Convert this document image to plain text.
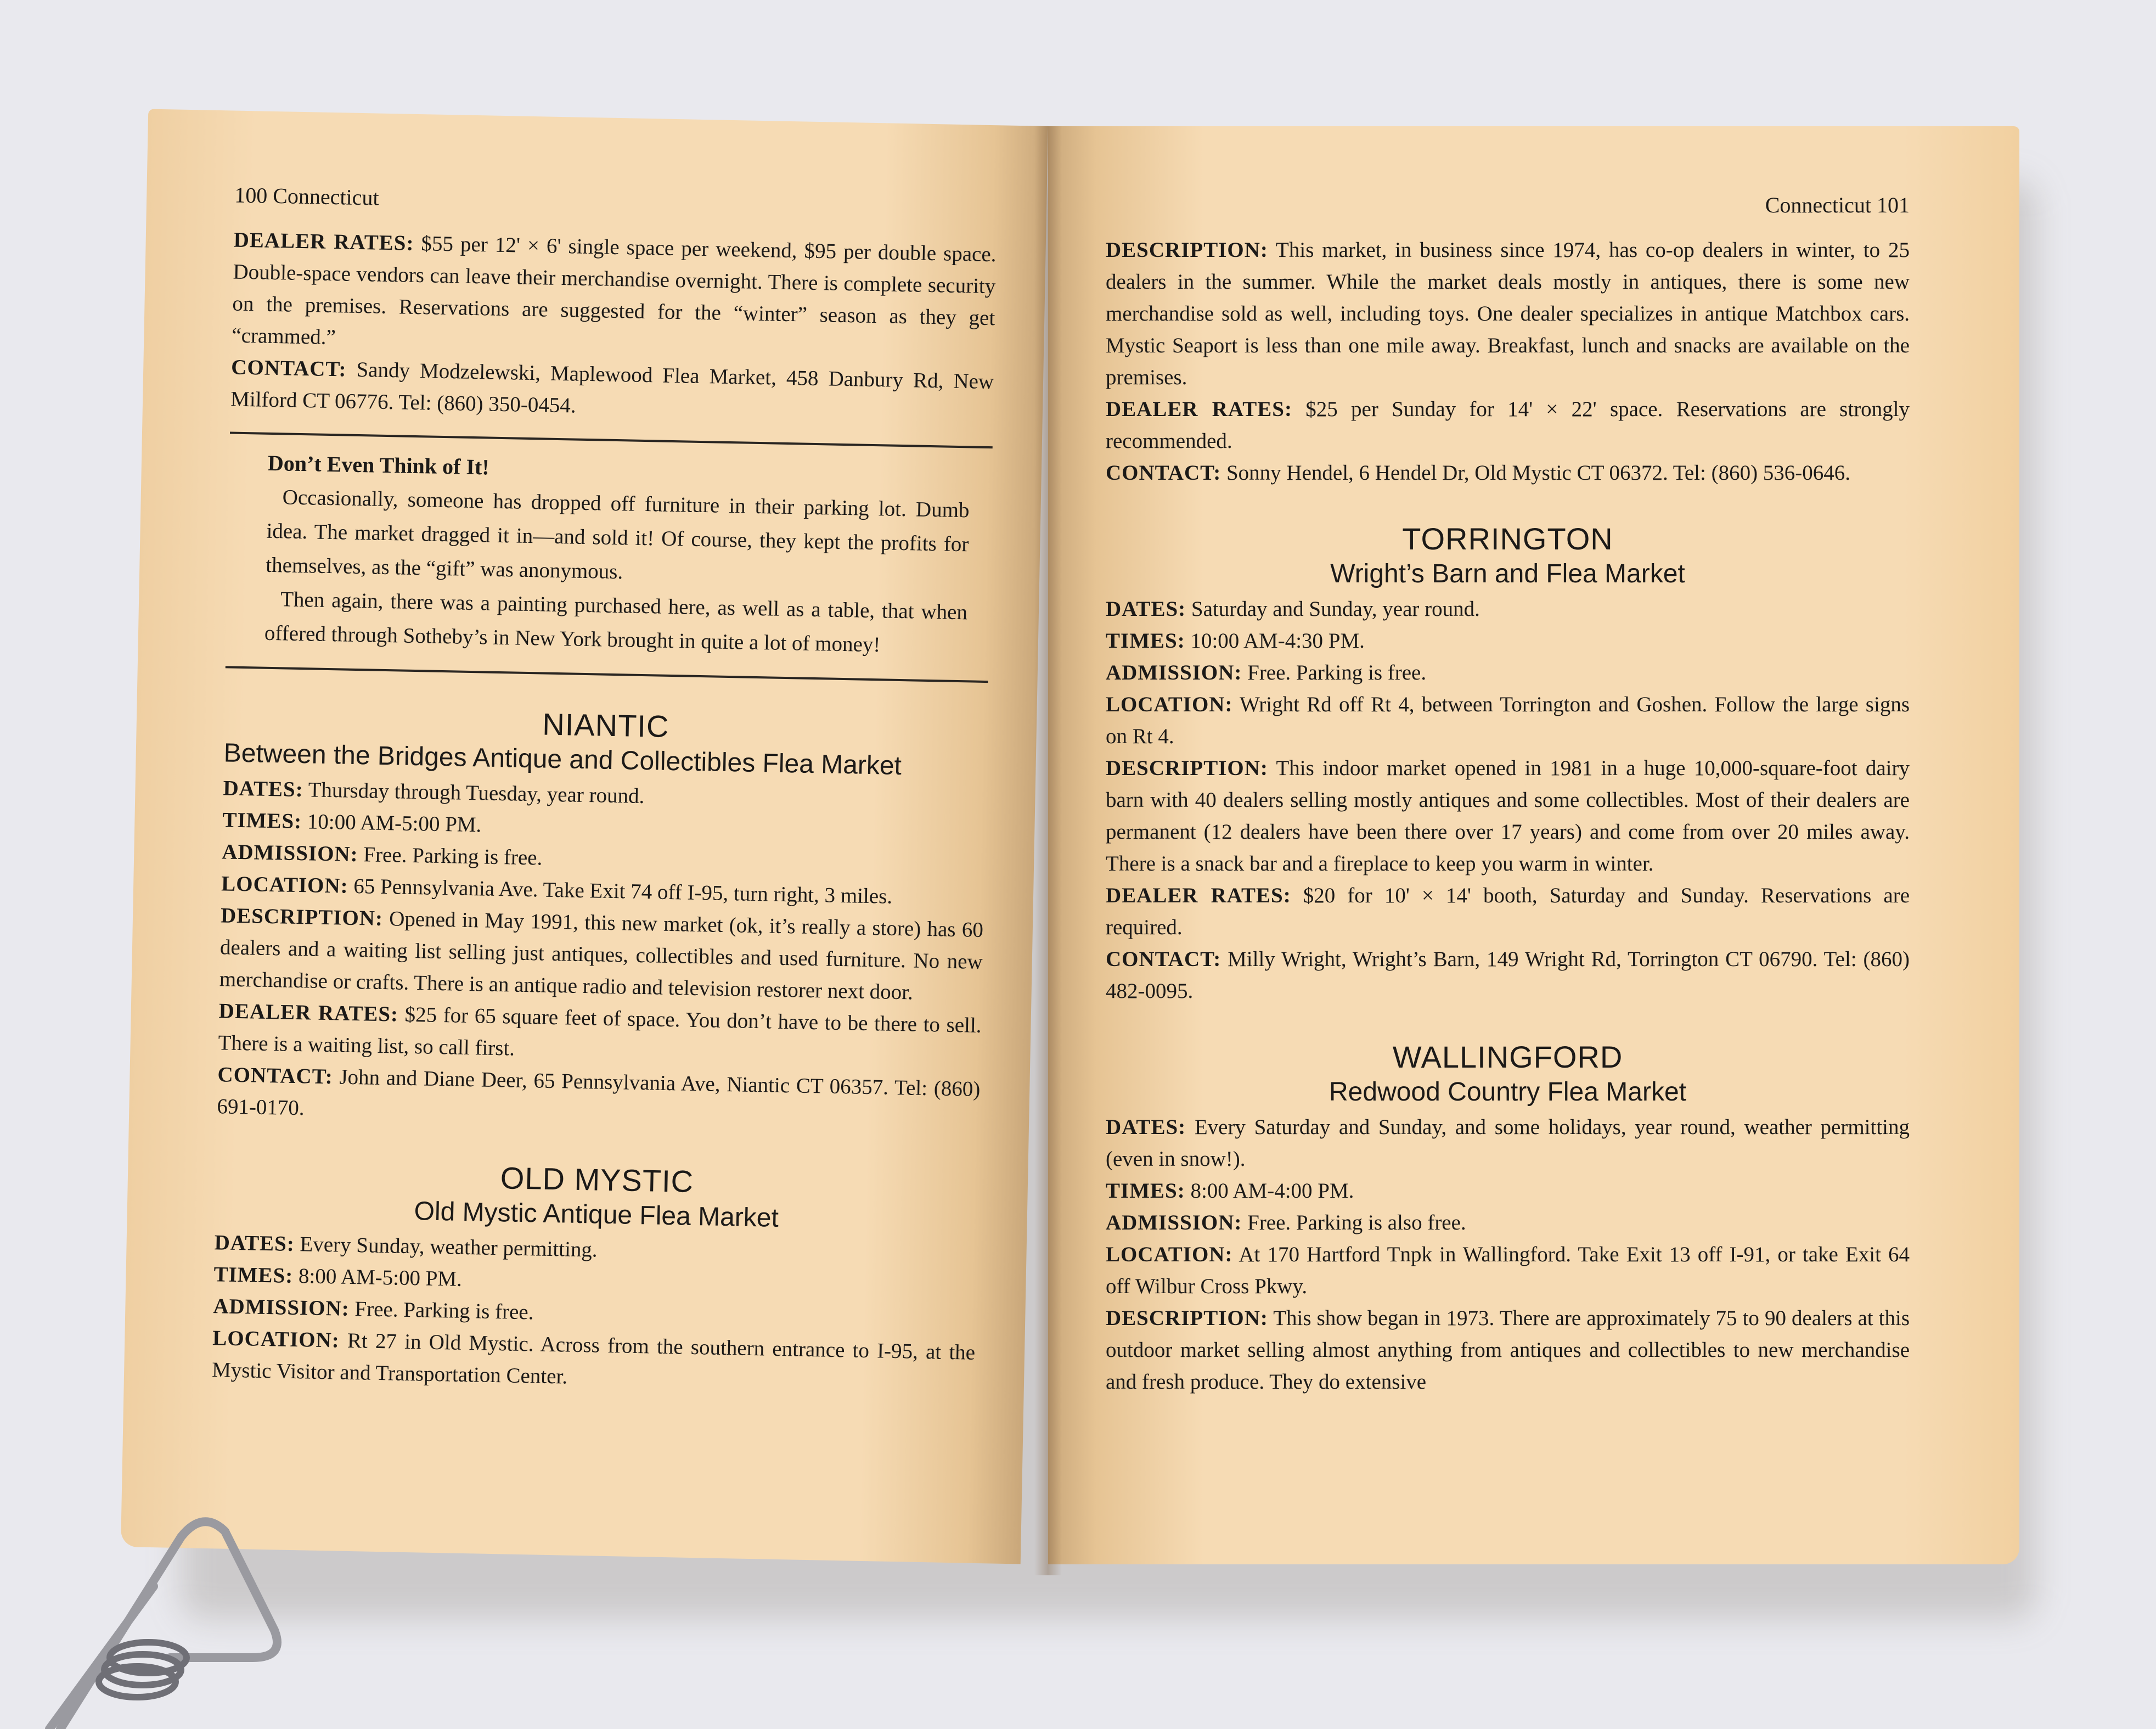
100 Connecticut

DEALER RATES: $55 per 12' × 6' single space per weekend, $95 per double space. Double-space vendors can leave their merchandise overnight. There is complete security on the premises. Reservations are suggested for the “winter” season as they get “crammed.”

CONTACT: Sandy Modzelewski, Maplewood Flea Market, 458 Danbury Rd, New Milford CT 06776. Tel: (860) 350-0454.

Don’t Even Think of It!

Occasionally, someone has dropped off furniture in their parking lot. Dumb idea. The market dragged it in—and sold it! Of course, they kept the profits for themselves, as the “gift” was anonymous.

Then again, there was a painting purchased here, as well as a table, that when offered through Sotheby’s in New York brought in quite a lot of money!

NIANTIC
Between the Bridges Antique and Collectibles Flea Market

DATES: Thursday through Tuesday, year round.

TIMES: 10:00 AM-5:00 PM.

ADMISSION: Free. Parking is free.

LOCATION: 65 Pennsylvania Ave. Take Exit 74 off I-95, turn right, 3 miles.

DESCRIPTION: Opened in May 1991, this new market (ok, it’s really a store) has 60 dealers and a waiting list selling just antiques, collectibles and used furniture. No new merchandise or crafts. There is an antique radio and television restorer next door.

DEALER RATES: $25 for 65 square feet of space. You don’t have to be there to sell. There is a waiting list, so call first.

CONTACT: John and Diane Deer, 65 Pennsylvania Ave, Niantic CT 06357. Tel: (860) 691-0170.

OLD MYSTIC
Old Mystic Antique Flea Market

DATES: Every Sunday, weather permitting.

TIMES: 8:00 AM-5:00 PM.

ADMISSION: Free. Parking is free.

LOCATION: Rt 27 in Old Mystic. Across from the southern entrance to I-95, at the Mystic Visitor and Transportation Center.

Connecticut 101

DESCRIPTION: This market, in business since 1974, has co-op dealers in winter, to 25 dealers in the summer. While the market deals mostly in antiques, there is some new merchandise sold as well, including toys. One dealer specializes in antique Matchbox cars. Mystic Seaport is less than one mile away. Breakfast, lunch and snacks are available on the premises.

DEALER RATES: $25 per Sunday for 14' × 22' space. Reservations are strongly recommended.

CONTACT: Sonny Hendel, 6 Hendel Dr, Old Mystic CT 06372. Tel: (860) 536-0646.

TORRINGTON
Wright’s Barn and Flea Market

DATES: Saturday and Sunday, year round.

TIMES: 10:00 AM-4:30 PM.

ADMISSION: Free. Parking is free.

LOCATION: Wright Rd off Rt 4, between Torrington and Goshen. Follow the large signs on Rt 4.

DESCRIPTION: This indoor market opened in 1981 in a huge 10,000-square-foot dairy barn with 40 dealers selling mostly antiques and some collectibles. Most of their dealers are permanent (12 dealers have been there over 17 years) and come from over 20 miles away. There is a snack bar and a fireplace to keep you warm in winter.

DEALER RATES: $20 for 10' × 14' booth, Saturday and Sunday. Reservations are required.

CONTACT: Milly Wright, Wright’s Barn, 149 Wright Rd, Torrington CT 06790. Tel: (860) 482-0095.

WALLINGFORD
Redwood Country Flea Market

DATES: Every Saturday and Sunday, and some holidays, year round, weather permitting (even in snow!).

TIMES: 8:00 AM-4:00 PM.

ADMISSION: Free. Parking is also free.

LOCATION: At 170 Hartford Tnpk in Wallingford. Take Exit 13 off I-91, or take Exit 64 off Wilbur Cross Pkwy.

DESCRIPTION: This show began in 1973. There are approximately 75 to 90 dealers at this outdoor market selling almost anything from antiques and collectibles to new merchandise and fresh produce. They do extensive
